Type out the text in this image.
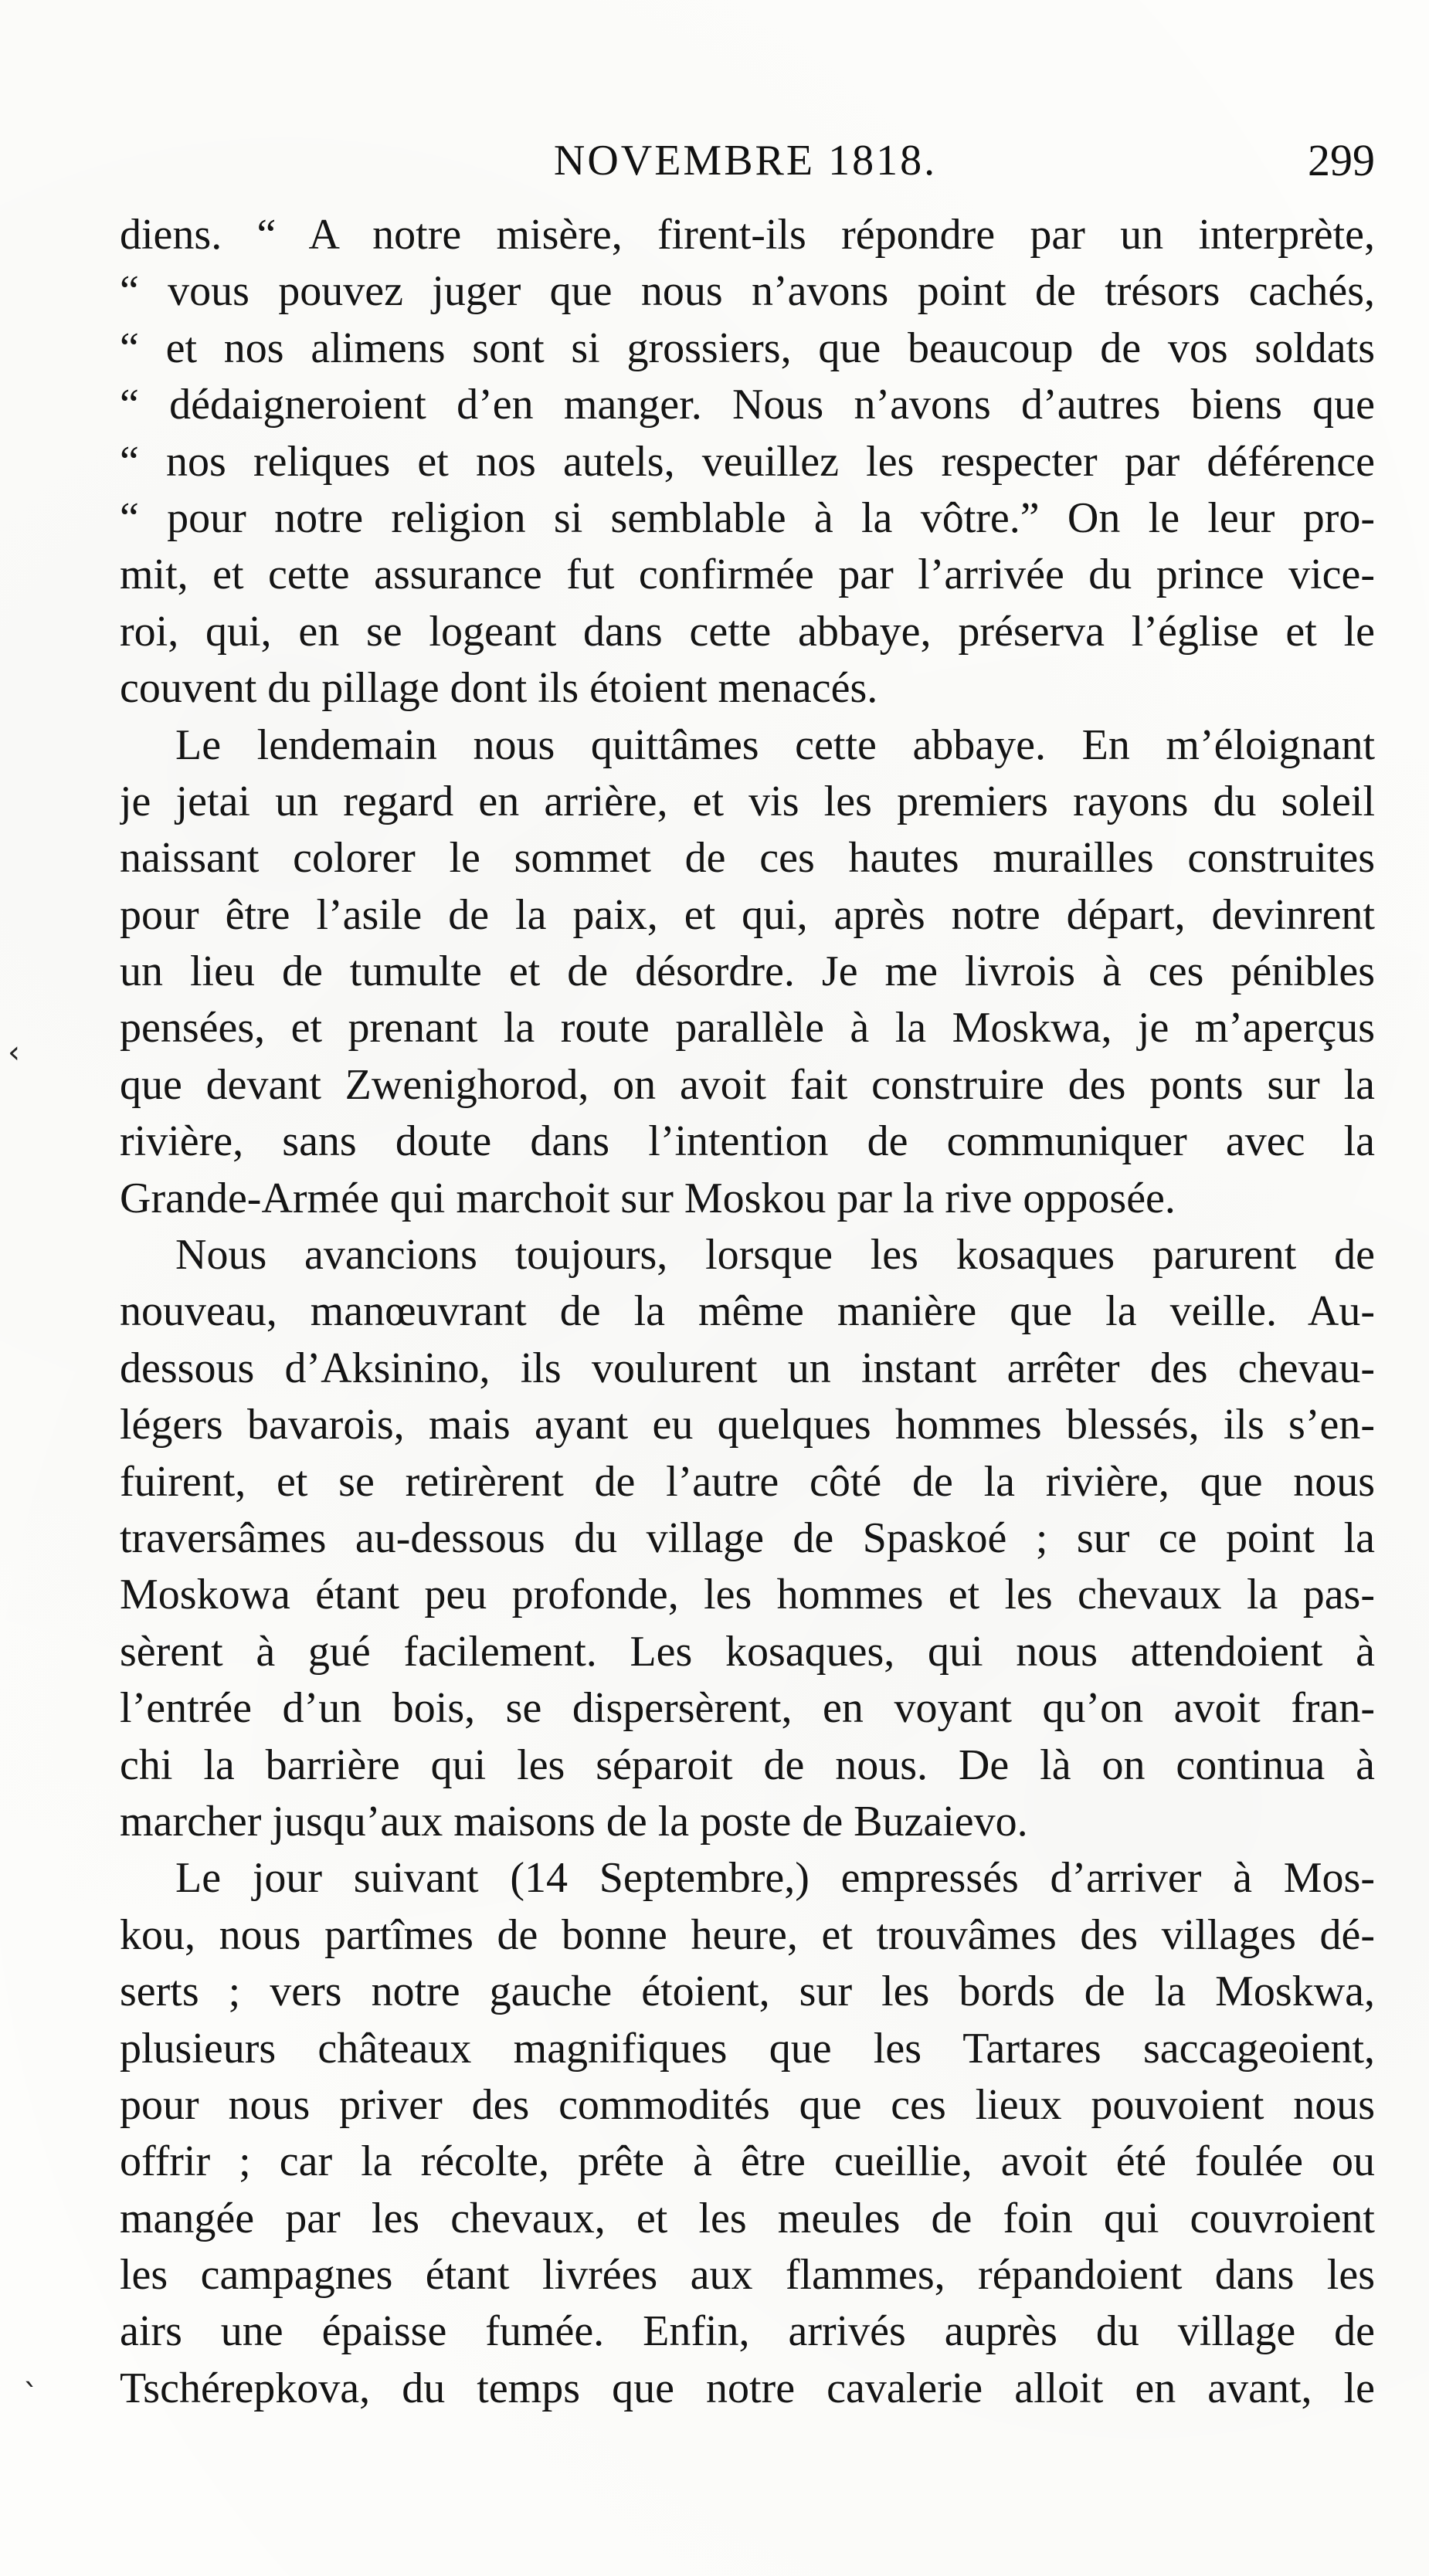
NOVEMBRE 1818.	299
diens. “ A notre misère, firent-ils répondre par un interprète,
“ vous pouvez juger que nous n’avons point de trésors cachés,
“ et nos alimens sont si grossiers, que beaucoup de vos soldats
“ dédaigneroient d’en manger. Nous n’avons d’autres biens que
“ nos reliques et nos autels, veuillez les respecter par déférence
“ pour notre religion si semblable à la vôtre.” On le leur pro-
mit, et cette assurance fut confirmée par l’arrivée du prince vice-
roi, qui, en se logeant dans cette abbaye, préserva l’église et le
couvent du pillage dont ils étoient menacés.
Le lendemain nous quittâmes cette abbaye. En m’éloignant
je jetai un regard en arrière, et vis les premiers rayons du soleil
naissant colorer le sommet de ces hautes murailles construites
pour être l’asile de la paix, et qui, après notre départ, devinrent
un lieu de tumulte et de désordre. Je me livrois à ces pénibles
pensées, et prenant la route parallèle à la Moskwa, je m’aperçus
que devant Zwenighorod, on avoit fait construire des ponts sur la
rivière, sans doute dans l’intention de communiquer avec la
Grande-Armée qui marchoit sur Moskou par la rive opposée.
Nous avancions toujours, lorsque les kosaques parurent de
nouveau, manœuvrant de la même manière que la veille. Au-
dessous d’Aksinino, ils voulurent un instant arrêter des chevau-
légers bavarois, mais ayant eu quelques hommes blessés, ils s’en-
fuirent, et se retirèrent de l’autre côté de la rivière, que nous
traversâmes au-dessous du village de Spaskoé ; sur ce point la
Moskowa étant peu profonde, les hommes et les chevaux la pas-
sèrent à gué facilement. Les kosaques, qui nous attendoient à
l’entrée d’un bois, se dispersèrent, en voyant qu’on avoit fran-
chi la barrière qui les séparoit de nous. De là on continua à
marcher jusqu’aux maisons de la poste de Buzaievo.
Le jour suivant (14 Septembre,) empressés d’arriver à Mos-
kou, nous partîmes de bonne heure, et trouvâmes des villages dé-
serts ; vers notre gauche étoient, sur les bords de la Moskwa,
plusieurs châteaux magnifiques que les Tartares saccageoient,
pour nous priver des commodités que ces lieux pouvoient nous
offrir ; car la récolte, prête à être cueillie, avoit été foulée ou
mangée par les chevaux, et les meules de foin qui couvroient
les campagnes étant livrées aux flammes, répandoient dans les
airs une épaisse fumée. Enfin, arrivés auprès du village de
Tschérepkova, du temps que notre cavalerie alloit en avant, le
‹
`
